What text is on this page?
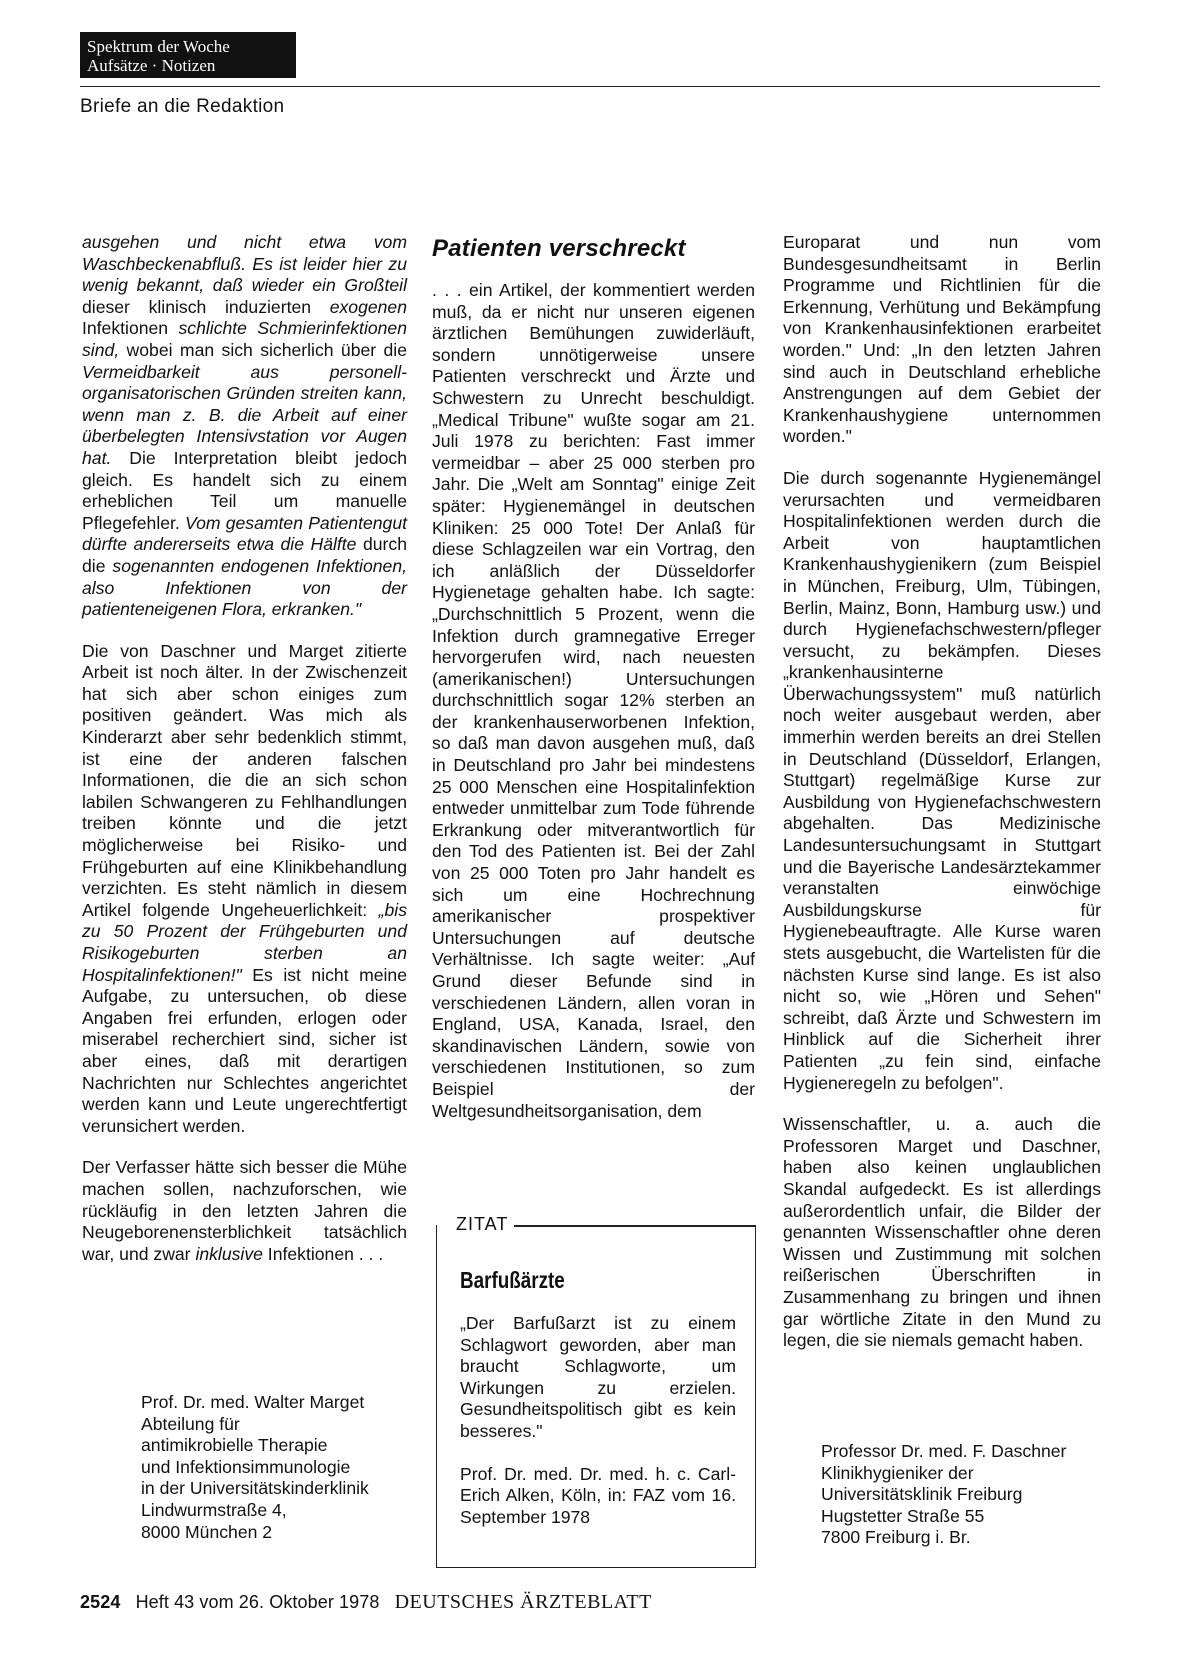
Spektrum der Woche
Aufsätze · Notizen
Briefe an die Redaktion

ausgehen und nicht etwa vom Waschbeckenabfluß. Es ist leider hier zu wenig bekannt, daß wieder ein Großteil dieser klinisch induzierten exogenen Infektionen schlichte Schmierinfektionen sind, wobei man sich sicherlich über die Vermeidbarkeit aus personell-organisatorischen Gründen streiten kann, wenn man z. B. die Arbeit auf einer überbelegten Intensivstation vor Augen hat. Die Interpretation bleibt jedoch gleich. Es handelt sich zu einem erheblichen Teil um manuelle Pflegefehler. Vom gesamten Patientengut dürfte andererseits etwa die Hälfte durch die sogenannten endogenen Infektionen, also Infektionen von der patienteneigenen Flora, erkranken."

Die von Daschner und Marget zitierte Arbeit ist noch älter. In der Zwischenzeit hat sich aber schon einiges zum positiven geändert. Was mich als Kinderarzt aber sehr bedenklich stimmt, ist eine der anderen falschen Informationen, die die an sich schon labilen Schwangeren zu Fehlhandlungen treiben könnte und die jetzt möglicherweise bei Risiko- und Frühgeburten auf eine Klinikbehandlung verzichten. Es steht nämlich in diesem Artikel folgende Ungeheuerlichkeit: „bis zu 50 Prozent der Frühgeburten und Risikogeburten sterben an Hospitalinfektionen!" Es ist nicht meine Aufgabe, zu untersuchen, ob diese Angaben frei erfunden, erlogen oder miserabel recherchiert sind, sicher ist aber eines, daß mit derartigen Nachrichten nur Schlechtes angerichtet werden kann und Leute ungerechtfertigt verunsichert werden.

Der Verfasser hätte sich besser die Mühe machen sollen, nachzuforschen, wie rückläufig in den letzten Jahren die Neugeborenensterblichkeit tatsächlich war, und zwar inklusive Infektionen . . .

Prof. Dr. med. Walter Marget
Abteilung für
antimikrobielle Therapie
und Infektionsimmunologie
in der Universitätskinderklinik
Lindwurmstraße 4,
8000 München 2
Patienten verschreckt

. . . ein Artikel, der kommentiert werden muß, da er nicht nur unseren eigenen ärztlichen Bemühungen zuwiderläuft, sondern unnötigerweise unsere Patienten verschreckt und Ärzte und Schwestern zu Unrecht beschuldigt. „Medical Tribune" wußte sogar am 21. Juli 1978 zu berichten: Fast immer vermeidbar – aber 25 000 sterben pro Jahr. Die „Welt am Sonntag" einige Zeit später: Hygienemängel in deutschen Kliniken: 25 000 Tote! Der Anlaß für diese Schlagzeilen war ein Vortrag, den ich anläßlich der Düsseldorfer Hygienetage gehalten habe. Ich sagte: „Durchschnittlich 5 Prozent, wenn die Infektion durch gramnegative Erreger hervorgerufen wird, nach neuesten (amerikanischen!) Untersuchungen durchschnittlich sogar 12% sterben an der krankenhauserworbenen Infektion, so daß man davon ausgehen muß, daß in Deutschland pro Jahr bei mindestens 25 000 Menschen eine Hospitalinfektion entweder unmittelbar zum Tode führende Erkrankung oder mitverantwortlich für den Tod des Patienten ist. Bei der Zahl von 25 000 Toten pro Jahr handelt es sich um eine Hochrechnung amerikanischer prospektiver Untersuchungen auf deutsche Verhältnisse. Ich sagte weiter: „Auf Grund dieser Befunde sind in verschiedenen Ländern, allen voran in England, USA, Kanada, Israel, den skandinavischen Ländern, sowie von verschiedenen Institutionen, so zum Beispiel der Weltgesundheitsorganisation, dem

ZITAT
Barfußärzte

„Der Barfußarzt ist zu einem Schlagwort geworden, aber man braucht Schlagworte, um Wirkungen zu erzielen. Gesundheitspolitisch gibt es kein besseres."

Prof. Dr. med. Dr. med. h. c. Carl-Erich Alken, Köln, in: FAZ vom 16. September 1978

Europarat und nun vom Bundesgesundheitsamt in Berlin Programme und Richtlinien für die Erkennung, Verhütung und Bekämpfung von Krankenhausinfektionen erarbeitet worden." Und: „In den letzten Jahren sind auch in Deutschland erhebliche Anstrengungen auf dem Gebiet der Krankenhaushygiene unternommen worden."

Die durch sogenannte Hygienemängel verursachten und vermeidbaren Hospitalinfektionen werden durch die Arbeit von hauptamtlichen Krankenhaushygienikern (zum Beispiel in München, Freiburg, Ulm, Tübingen, Berlin, Mainz, Bonn, Hamburg usw.) und durch Hygienefachschwestern/pfleger versucht, zu bekämpfen. Dieses „krankenhausinterne Überwachungssystem" muß natürlich noch weiter ausgebaut werden, aber immerhin werden bereits an drei Stellen in Deutschland (Düsseldorf, Erlangen, Stuttgart) regelmäßige Kurse zur Ausbildung von Hygienefachschwestern abgehalten. Das Medizinische Landesuntersuchungsamt in Stuttgart und die Bayerische Landesärztekammer veranstalten einwöchige Ausbildungskurse für Hygienebeauftragte. Alle Kurse waren stets ausgebucht, die Wartelisten für die nächsten Kurse sind lange. Es ist also nicht so, wie „Hören und Sehen" schreibt, daß Ärzte und Schwestern im Hinblick auf die Sicherheit ihrer Patienten „zu fein sind, einfache Hygieneregeln zu befolgen".

Wissenschaftler, u. a. auch die Professoren Marget und Daschner, haben also keinen unglaublichen Skandal aufgedeckt. Es ist allerdings außerordentlich unfair, die Bilder der genannten Wissenschaftler ohne deren Wissen und Zustimmung mit solchen reißerischen Überschriften in Zusammenhang zu bringen und ihnen gar wörtliche Zitate in den Mund zu legen, die sie niemals gemacht haben.

Professor Dr. med. F. Daschner
Klinikhygieniker der
Universitätsklinik Freiburg
Hugstetter Straße 55
7800 Freiburg i. Br.
2524 Heft 43 vom 26. Oktober 1978 DEUTSCHES ÄRZTEBLATT
